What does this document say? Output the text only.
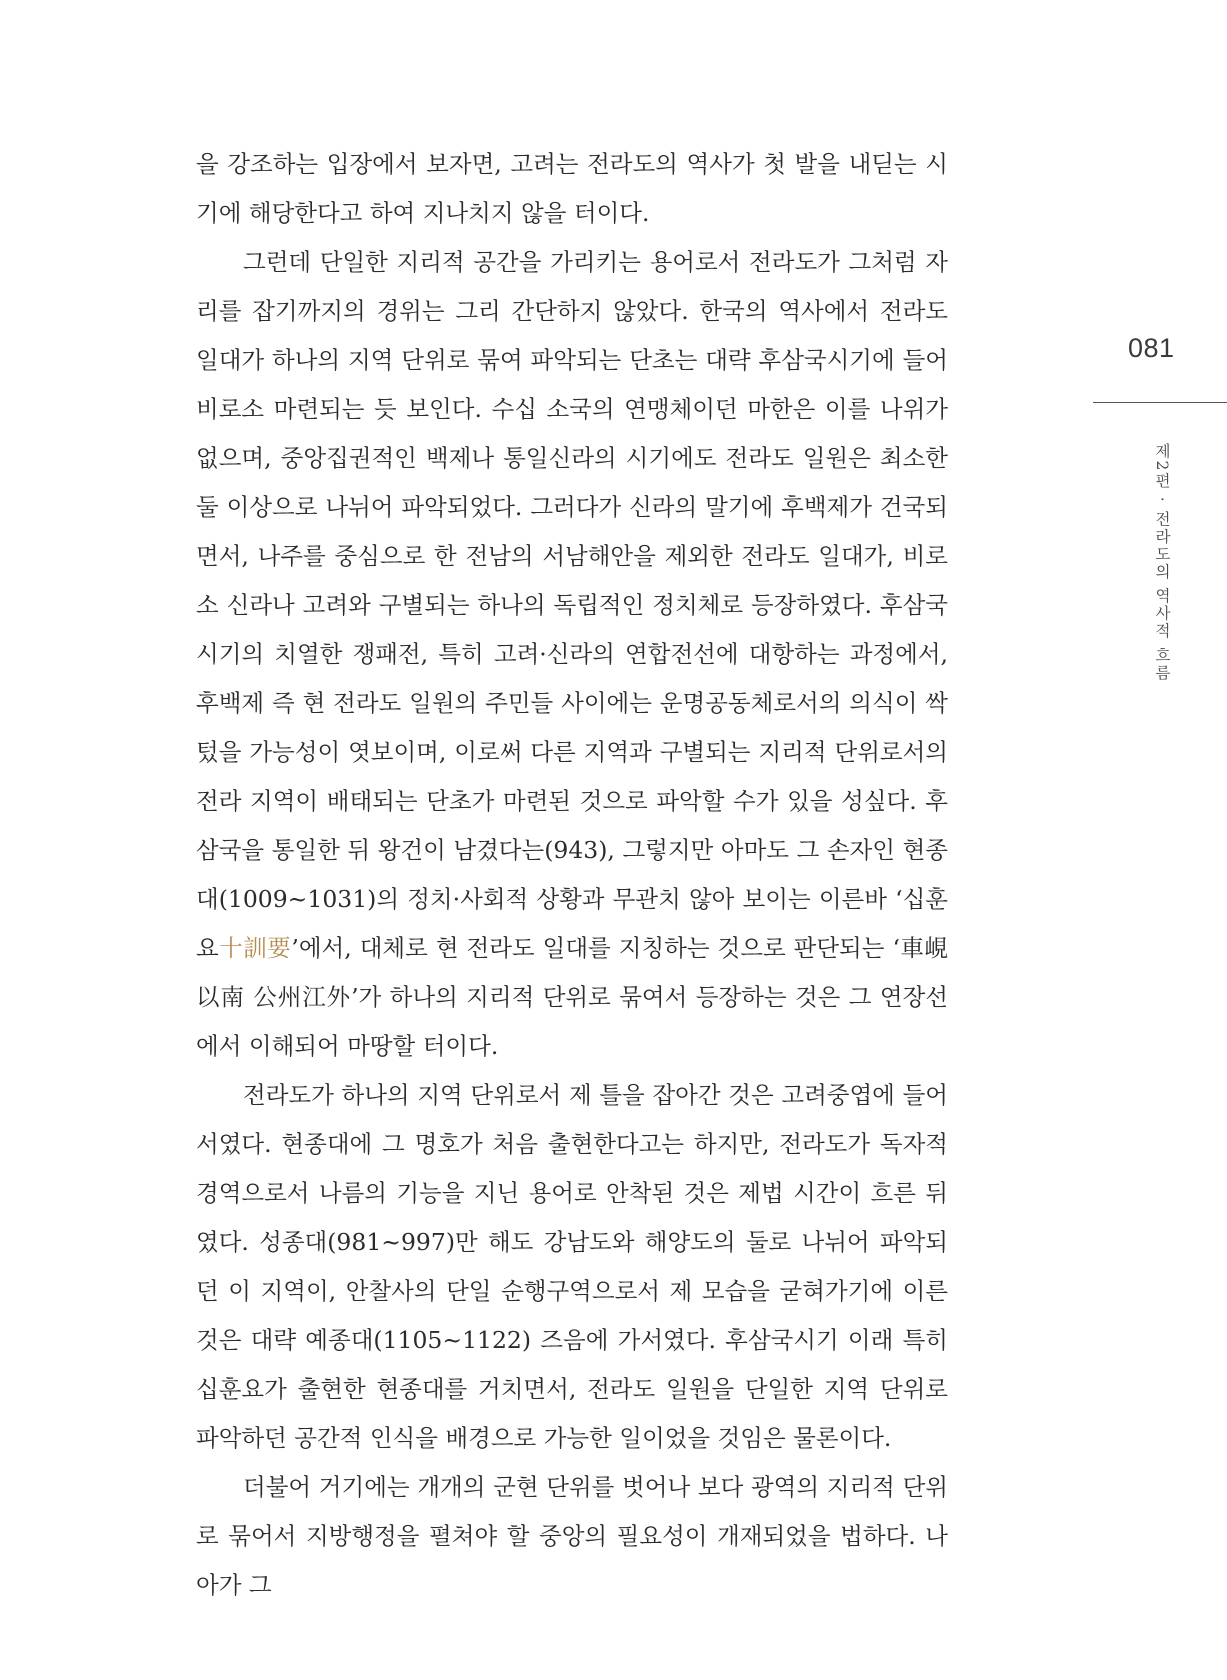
을 강조하는 입장에서 보자면, 고려는 전라도의 역사가 첫 발을 내딛는 시기에 해당한다고 하여 지나치지 않을 터이다.

그런데 단일한 지리적 공간을 가리키는 용어로서 전라도가 그처럼 자리를 잡기까지의 경위는 그리 간단하지 않았다. 한국의 역사에서 전라도 일대가 하나의 지역 단위로 묶여 파악되는 단초는 대략 후삼국시기에 들어 비로소 마련되는 듯 보인다. 수십 소국의 연맹체이던 마한은 이를 나위가 없으며, 중앙집권적인 백제나 통일신라의 시기에도 전라도 일원은 최소한 둘 이상으로 나뉘어 파악되었다. 그러다가 신라의 말기에 후백제가 건국되면서, 나주를 중심으로 한 전남의 서남해안을 제외한 전라도 일대가, 비로소 신라나 고려와 구별되는 하나의 독립적인 정치체로 등장하였다. 후삼국시기의 치열한 쟁패전, 특히 고려·신라의 연합전선에 대항하는 과정에서, 후백제 즉 현 전라도 일원의 주민들 사이에는 운명공동체로서의 의식이 싹텄을 가능성이 엿보이며, 이로써 다른 지역과 구별되는 지리적 단위로서의 전라 지역이 배태되는 단초가 마련된 것으로 파악할 수가 있을 성싶다. 후삼국을 통일한 뒤 왕건이 남겼다는(943), 그렇지만 아마도 그 손자인 현종대(1009~1031)의 정치·사회적 상황과 무관치 않아 보이는 이른바 ‘십훈요十訓要’에서, 대체로 현 전라도 일대를 지칭하는 것으로 판단되는 ‘車峴以南 公州江外’가 하나의 지리적 단위로 묶여서 등장하는 것은 그 연장선에서 이해되어 마땅할 터이다.

전라도가 하나의 지역 단위로서 제 틀을 잡아간 것은 고려중엽에 들어서였다. 현종대에 그 명호가 처음 출현한다고는 하지만, 전라도가 독자적 경역으로서 나름의 기능을 지닌 용어로 안착된 것은 제법 시간이 흐른 뒤였다. 성종대(981~997)만 해도 강남도와 해양도의 둘로 나뉘어 파악되던 이 지역이, 안찰사의 단일 순행구역으로서 제 모습을 굳혀가기에 이른 것은 대략 예종대(1105~1122) 즈음에 가서였다. 후삼국시기 이래 특히 십훈요가 출현한 현종대를 거치면서, 전라도 일원을 단일한 지역 단위로 파악하던 공간적 인식을 배경으로 가능한 일이었을 것임은 물론이다.

더불어 거기에는 개개의 군현 단위를 벗어나 보다 광역의 지리적 단위로 묶어서 지방행정을 펼쳐야 할 중앙의 필요성이 개재되었을 법하다. 나아가 그

081
제2편 · 전라도의 역사적 흐름
